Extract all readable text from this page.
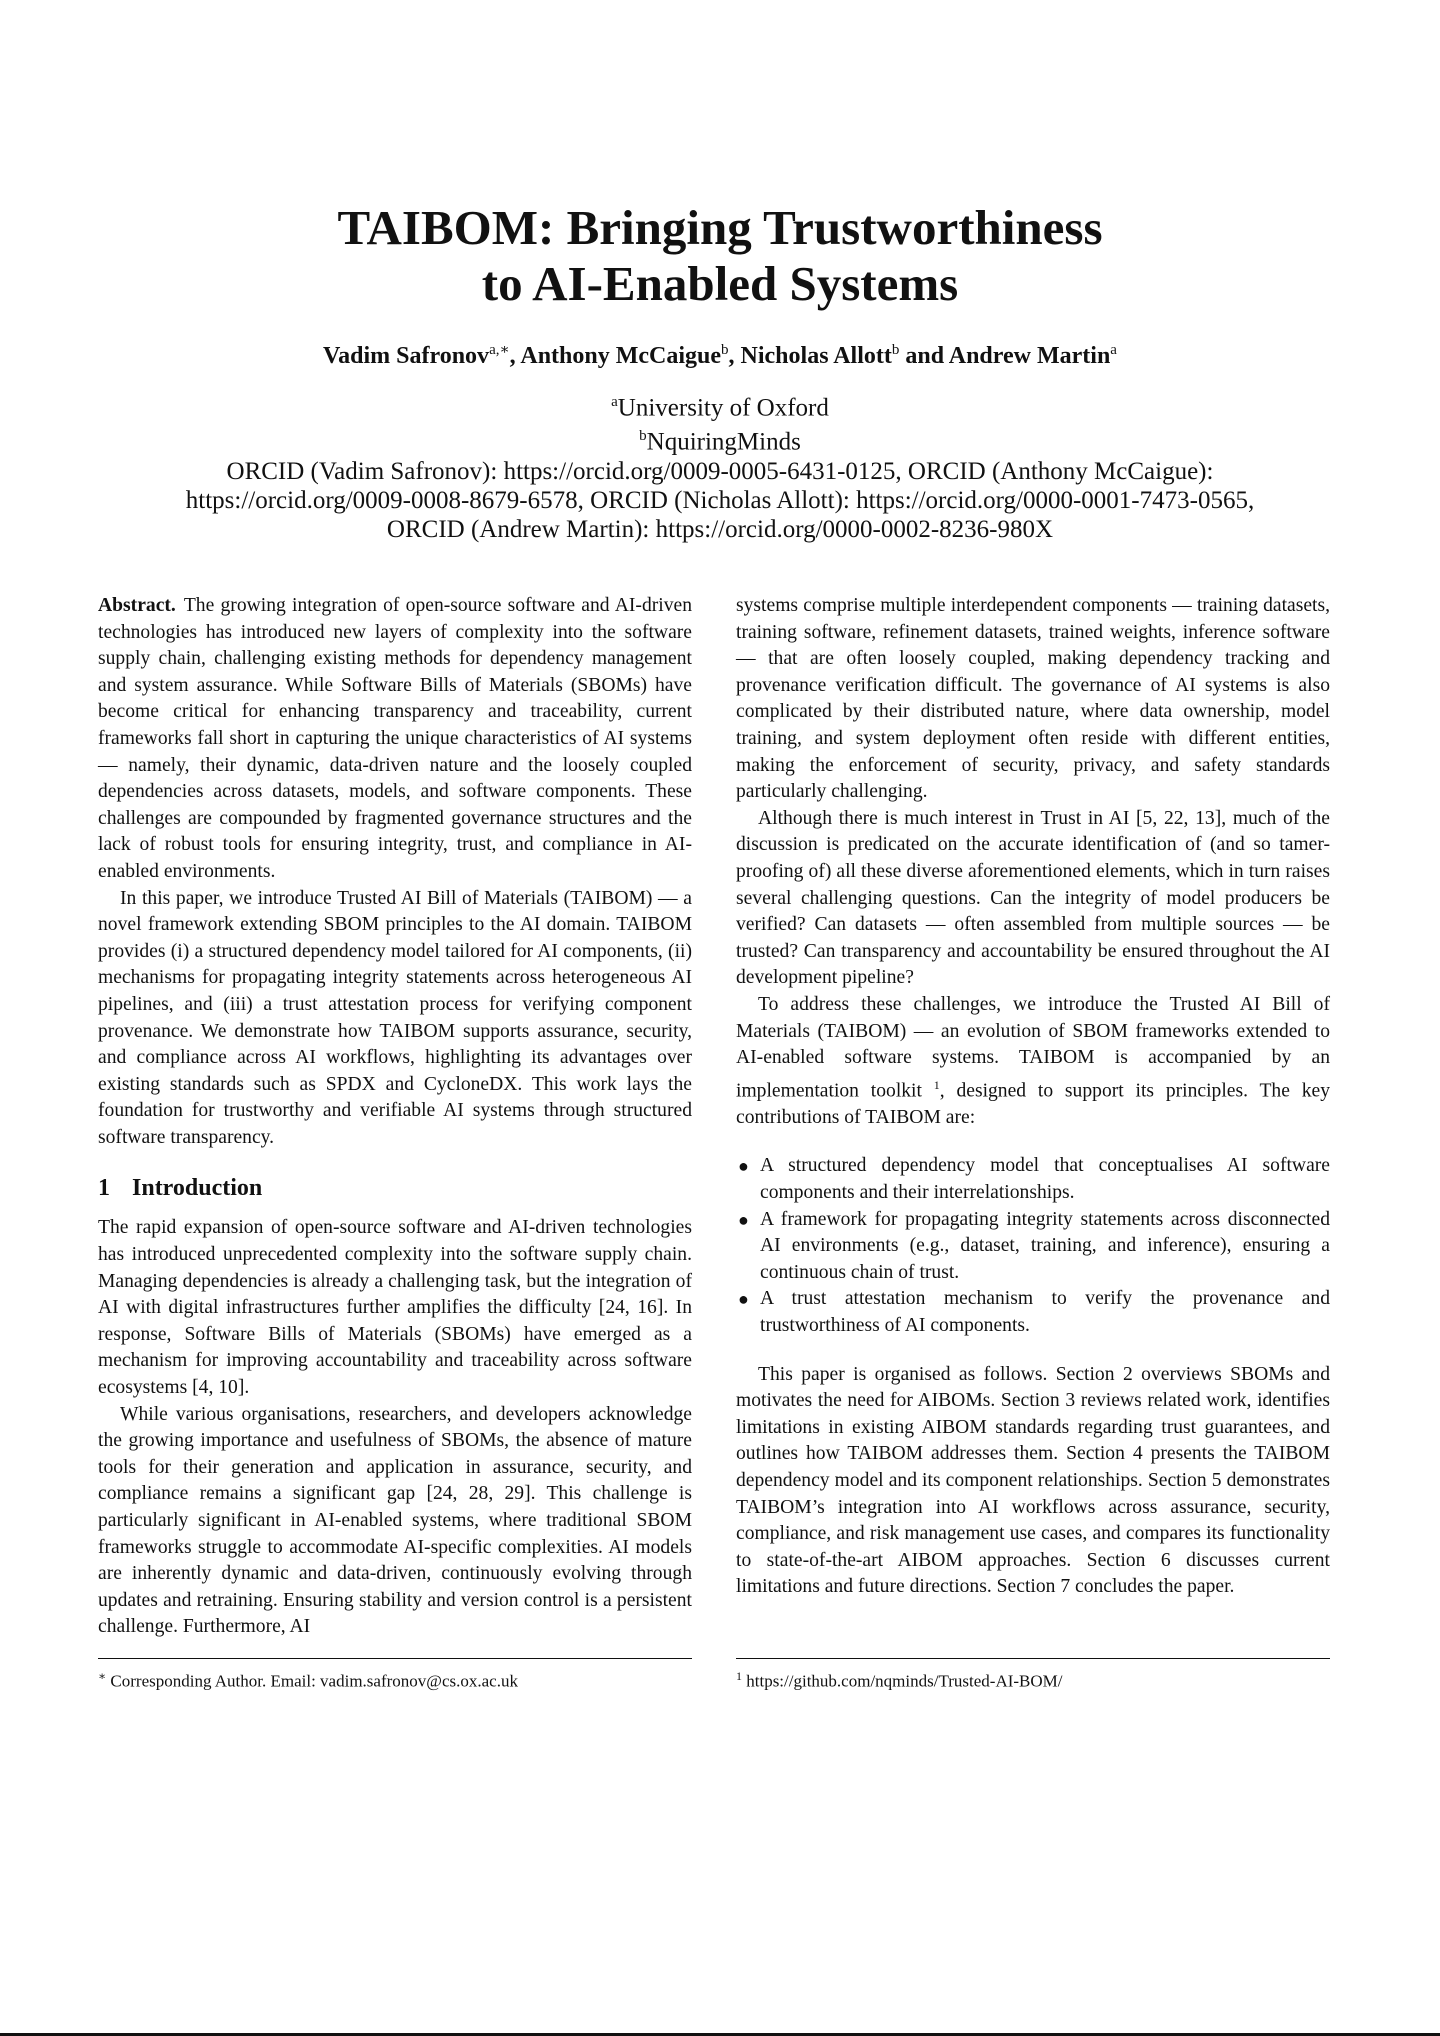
TAIBOM: Bringing Trustworthiness
to AI-Enabled Systems
Vadim Safronov$^{a,∗}$, Anthony McCaigue$^b$, Nicholas Allott$^b$ and Andrew Martin$^a$
$^a$University of Oxford
$^b$NquiringMinds
ORCID (Vadim Safronov): https://orcid.org/0009-0005-6431-0125, ORCID (Anthony McCaigue):
https://orcid.org/0009-0008-8679-6578, ORCID (Nicholas Allott): https://orcid.org/0000-0001-7473-0565,
ORCID (Andrew Martin): https://orcid.org/0000-0002-8236-980X

Abstract. The growing integration of open-source software and AI-driven technologies has introduced new layers of complexity into the software supply chain, challenging existing methods for dependency management and system assurance. While Software Bills of Materials (SBOMs) have become critical for enhancing transparency and traceability, current frameworks fall short in capturing the unique characteristics of AI systems — namely, their dynamic, data-driven nature and the loosely coupled dependencies across datasets, models, and software components. These challenges are compounded by fragmented governance structures and the lack of robust tools for ensuring integrity, trust, and compliance in AI-enabled environments.

In this paper, we introduce Trusted AI Bill of Materials (TAIBOM) — a novel framework extending SBOM principles to the AI domain. TAIBOM provides (i) a structured dependency model tailored for AI components, (ii) mechanisms for propagating integrity statements across heterogeneous AI pipelines, and (iii) a trust attestation process for verifying component provenance. We demonstrate how TAIBOM supports assurance, security, and compliance across AI workflows, highlighting its advantages over existing standards such as SPDX and CycloneDX. This work lays the foundation for trustworthy and verifiable AI systems through structured software transparency.

1 Introduction

The rapid expansion of open-source software and AI-driven technologies has introduced unprecedented complexity into the software supply chain. Managing dependencies is already a challenging task, but the integration of AI with digital infrastructures further amplifies the difficulty [24, 16]. In response, Software Bills of Materials (SBOMs) have emerged as a mechanism for improving accountability and traceability across software ecosystems [4, 10].

While various organisations, researchers, and developers acknowledge the growing importance and usefulness of SBOMs, the absence of mature tools for their generation and application in assurance, security, and compliance remains a significant gap [24, 28, 29]. This challenge is particularly significant in AI-enabled systems, where traditional SBOM frameworks struggle to accommodate AI-specific complexities. AI models are inherently dynamic and data-driven, continuously evolving through updates and retraining. Ensuring stability and version control is a persistent challenge. Furthermore, AI

systems comprise multiple interdependent components — training datasets, training software, refinement datasets, trained weights, inference software — that are often loosely coupled, making dependency tracking and provenance verification difficult. The governance of AI systems is also complicated by their distributed nature, where data ownership, model training, and system deployment often reside with different entities, making the enforcement of security, privacy, and safety standards particularly challenging.

Although there is much interest in Trust in AI [5, 22, 13], much of the discussion is predicated on the accurate identification of (and so tamer-proofing of) all these diverse aforementioned elements, which in turn raises several challenging questions. Can the integrity of model producers be verified? Can datasets — often assembled from multiple sources — be trusted? Can transparency and accountability be ensured throughout the AI development pipeline?

To address these challenges, we introduce the Trusted AI Bill of Materials (TAIBOM) — an evolution of SBOM frameworks extended to AI-enabled software systems. TAIBOM is accompanied by an implementation toolkit $^1$, designed to support its principles. The key contributions of TAIBOM are:

● A structured dependency model that conceptualises AI software components and their interrelationships.
● A framework for propagating integrity statements across disconnected AI environments (e.g., dataset, training, and inference), ensuring a continuous chain of trust.
● A trust attestation mechanism to verify the provenance and trustworthiness of AI components.

This paper is organised as follows. Section 2 overviews SBOMs and motivates the need for AIBOMs. Section 3 reviews related work, identifies limitations in existing AIBOM standards regarding trust guarantees, and outlines how TAIBOM addresses them. Section 4 presents the TAIBOM dependency model and its component relationships. Section 5 demonstrates TAIBOM’s integration into AI workflows across assurance, security, compliance, and risk management use cases, and compares its functionality to state-of-the-art AIBOM approaches. Section 6 discusses current limitations and future directions. Section 7 concludes the paper.

∗ Corresponding Author. Email: vadim.safronov@cs.ox.ac.uk	$^1$ https://github.com/nqminds/Trusted-AI-BOM/
